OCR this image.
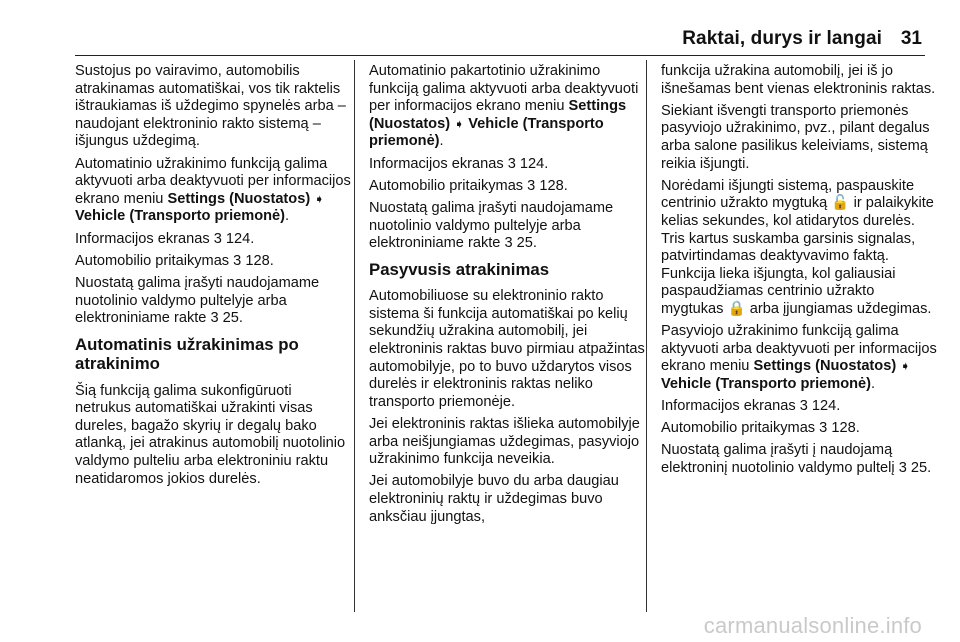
Raktai, durys ir langai 31

Sustojus po vairavimo, automobilis atrakinamas automatiškai, vos tik raktelis ištraukiamas iš uždegimo spynelės arba – naudojant elektroninio rakto sistemą – išjungus uždegimą.

Automatinio užrakinimo funkciją galima aktyvuoti arba deaktyvuoti per informacijos ekrano meniu Settings (Nuostatos) ➧ Vehicle (Transporto priemonė).

Informacijos ekranas 3 124.

Automobilio pritaikymas 3 128.

Nuostatą galima įrašyti naudojamame nuotolinio valdymo pultelyje arba elektroniniame rakte 3 25.

Automatinis užrakinimas po atrakinimo

Šią funkciją galima sukonfigūruoti netrukus automatiškai užrakinti visas dureles, bagažo skyrių ir degalų bako atlanką, jei atrakinus automobilį nuotolinio valdymo pulteliu arba elektroniniu raktu neatidaromos jokios durelės.

Automatinio pakartotinio užrakinimo funkciją galima aktyvuoti arba deaktyvuoti per informacijos ekrano meniu Settings (Nuostatos) ➧ Vehicle (Transporto priemonė).

Informacijos ekranas 3 124.

Automobilio pritaikymas 3 128.

Nuostatą galima įrašyti naudojamame nuotolinio valdymo pultelyje arba elektroniniame rakte 3 25.

Pasyvusis atrakinimas

Automobiliuose su elektroninio rakto sistema ši funkcija automatiškai po kelių sekundžių užrakina automobilį, jei elektroninis raktas buvo pirmiau atpažintas automobilyje, po to buvo uždarytos visos durelės ir elektroninis raktas neliko transporto priemonėje.

Jei elektroninis raktas išlieka automobilyje arba neišjungiamas uždegimas, pasyviojo užrakinimo funkcija neveikia.

Jei automobilyje buvo du arba daugiau elektroninių raktų ir uždegimas buvo anksčiau įjungtas,

funkcija užrakina automobilį, jei iš jo išnešamas bent vienas elektroninis raktas.

Siekiant išvengti transporto priemonės pasyviojo užrakinimo, pvz., pilant degalus arba salone pasilikus keleiviams, sistemą reikia išjungti.

Norėdami išjungti sistemą, paspauskite centrinio užrakto mygtuką 🔓 ir palaikykite kelias sekundes, kol atidarytos durelės. Tris kartus suskamba garsinis signalas, patvirtindamas deaktyvavimo faktą. Funkcija lieka išjungta, kol galiausiai paspaudžiamas centrinio užrakto mygtukas 🔒 arba įjungiamas uždegimas.

Pasyviojo užrakinimo funkciją galima aktyvuoti arba deaktyvuoti per informacijos ekrano meniu Settings (Nuostatos) ➧ Vehicle (Transporto priemonė).

Informacijos ekranas 3 124.

Automobilio pritaikymas 3 128.

Nuostatą galima įrašyti į naudojamą elektroninį nuotolinio valdymo pultelį 3 25.

carmanualsonline.info
